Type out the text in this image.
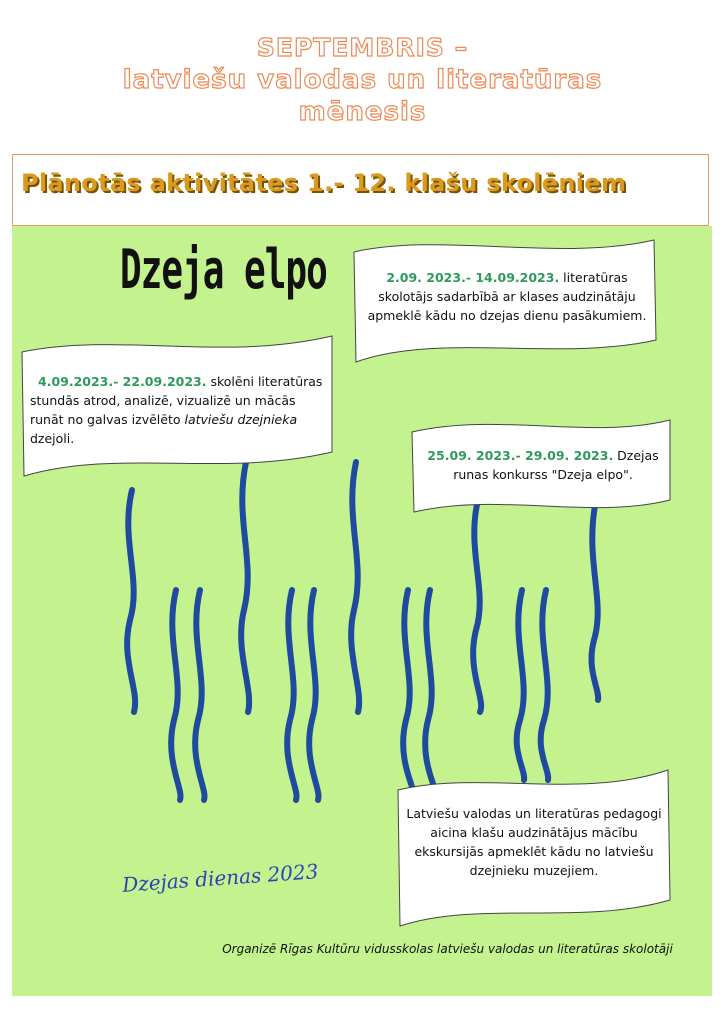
SEPTEMBRIS –
latviešu valodas un literatūras
mēnesis
Plānotās aktivitātes 1.- 12. klašu skolēniem
Dzeja elpo	2.09. 2023.- 14.09.2023. literatūras skolotājs sadarbībā ar klases audzinātāju apmeklē kādu no dzejas dienu pasākumiem.
4.09.2023.- 22.09.2023. skolēni literatūras stundās atrod, analizē, vizualizē un mācās runāt no galvas izvēlēto latviešu dzejnieka dzejoli.
25.09. 2023.- 29.09. 2023. Dzejas runas konkurss "Dzeja elpo".
Latviešu valodas un literatūras pedagogi aicina klašu audzinātājus mācību ekskursijās apmeklēt kādu no latviešu dzejnieku muzejiem.
Dzejas dienas 2023
Organizē Rīgas Kultūru vidusskolas latviešu valodas un literatūras skolotāji
